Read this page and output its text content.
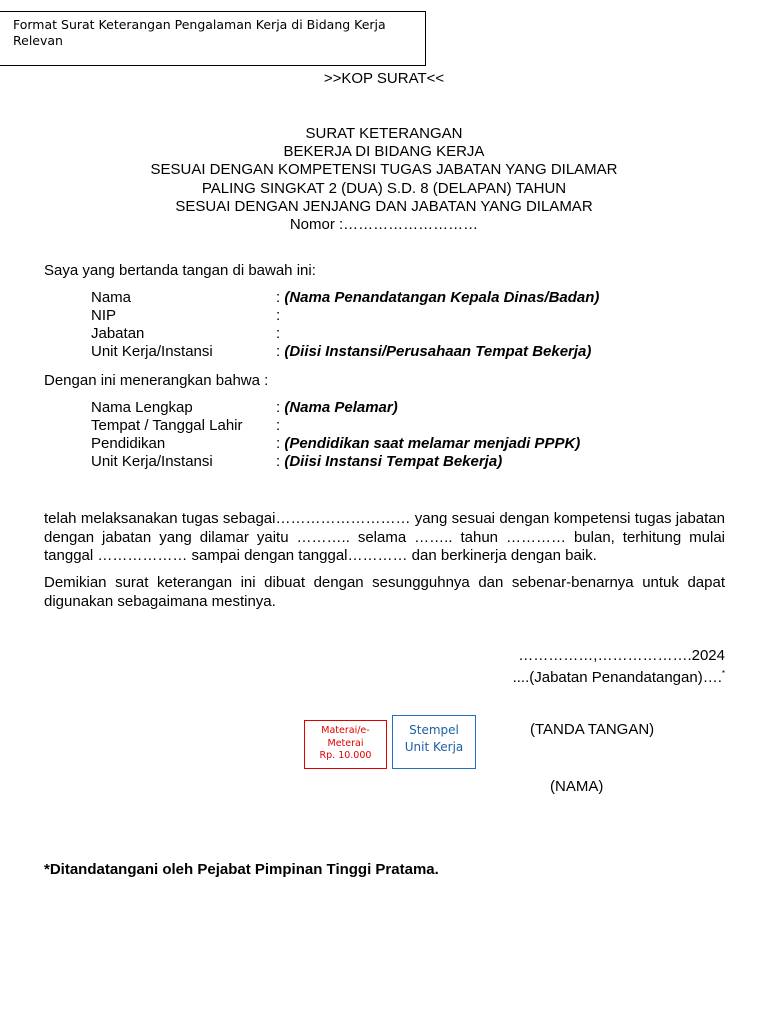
Format Surat Keterangan Pengalaman Kerja di Bidang Kerja Relevan
>>KOP SURAT<<
SURAT KETERANGAN
BEKERJA DI BIDANG KERJA
SESUAI DENGAN KOMPETENSI TUGAS JABATAN YANG DILAMAR
PALING SINGKAT 2 (DUA) S.D. 8 (DELAPAN) TAHUN
SESUAI DENGAN JENJANG DAN JABATAN YANG DILAMAR
Nomor :………………………
Saya yang bertanda tangan di bawah ini:
Nama	: (Nama Penandatangan Kepala Dinas/Badan)
NIP	:
Jabatan	:
Unit Kerja/Instansi	: (Diisi Instansi/Perusahaan Tempat Bekerja)
Dengan ini menerangkan bahwa :
Nama Lengkap	: (Nama Pelamar)
Tempat / Tanggal Lahir :
Pendidikan	: (Pendidikan saat melamar menjadi PPPK)
Unit Kerja/Instansi	: (Diisi Instansi Tempat Bekerja)
telah melaksanakan tugas sebagai……………………… yang sesuai dengan kompetensi tugas jabatan dengan jabatan yang dilamar yaitu ……….. selama …….. tahun ………… bulan, terhitung mulai tanggal ……………… sampai dengan tanggal………… dan berkinerja dengan baik.
Demikian surat keterangan ini dibuat dengan sesungguhnya dan sebenar-benarnya untuk dapat digunakan sebagaimana mestinya.
……………,……………….2024
....(Jabatan Penandatangan)….*
Materai/e-
Meterai
Rp. 10.000
Stempel
Unit Kerja
(TANDA TANGAN)
(NAMA)
*Ditandatangani oleh Pejabat Pimpinan Tinggi Pratama.
